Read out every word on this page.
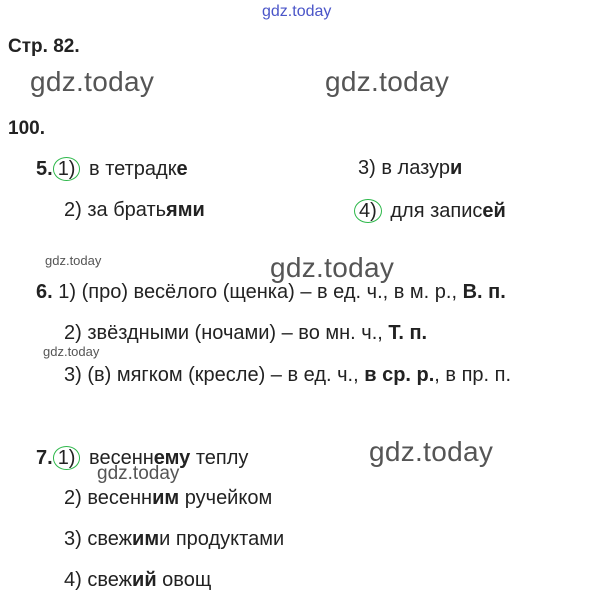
gdz.today
gdz.today	gdz.today
gdz.today	gdz.today
gdz.today
gdz.today
gdz.today
Стр. 82.
100.
5. 1) в тетрадке	3) в лазури
2) за братьями	4) для записей
6. 1) (про) весёлого (щенка) – в ед. ч., в м. р., В. п.
2) звёздными (ночами) – во мн. ч., Т. п.
3) (в) мягком (кресле) – в ед. ч., в ср. р., в пр. п.
7. 1) весеннему теплу
2) весенним ручейком
3) свежими продуктами
4) свежий овощ
